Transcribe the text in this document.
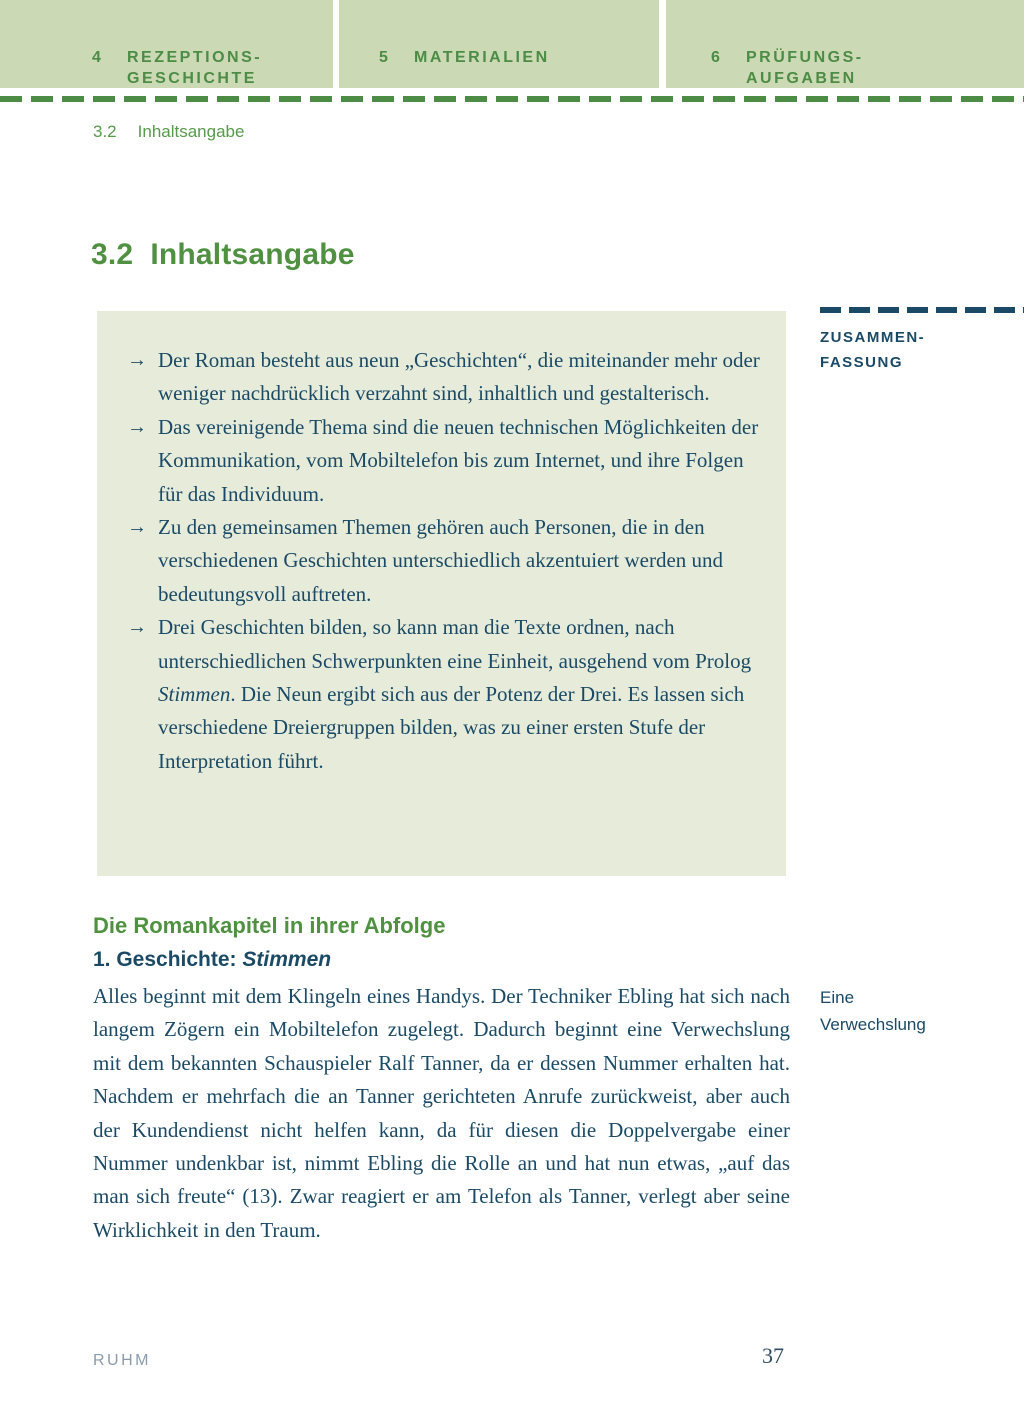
4	REZEPTIONS-
GESCHICHTE
5	MATERIALIEN	6	PRÜFUNGS-
AUFGABEN
3.2 Inhaltsangabe
3.2 Inhaltsangabe
→ Der Roman besteht aus neun „Geschichten“, die miteinander mehr oder weniger nachdrücklich verzahnt sind, inhaltlich und gestalterisch.

→ Das vereinigende Thema sind die neuen technischen Möglichkeiten der Kommunikation, vom Mobiltelefon bis zum Internet, und ihre Folgen für das Individuum.

→ Zu den gemeinsamen Themen gehören auch Personen, die in den verschiedenen Geschichten unterschiedlich akzentuiert werden und bedeutungsvoll auftreten.

→ Drei Geschichten bilden, so kann man die Texte ordnen, nach unterschiedlichen Schwerpunkten eine Einheit, ausgehend vom Prolog Stimmen. Die Neun ergibt sich aus der Potenz der Drei. Es lassen sich verschiedene Dreiergruppen bilden, was zu einer ersten Stufe der Interpretation führt.

ZUSAMMEN-
FASSUNG
Die Romankapitel in ihrer Abfolge
1. Geschichte: Stimmen

Alles beginnt mit dem Klingeln eines Handys. Der Techniker Ebling hat sich nach langem Zögern ein Mobiltelefon zugelegt. Dadurch beginnt eine Verwechslung mit dem bekannten Schauspieler Ralf Tanner, da er dessen Nummer erhalten hat. Nachdem er mehrfach die an Tanner gerichteten Anrufe zurückweist, aber auch der Kundendienst nicht helfen kann, da für diesen die Doppelvergabe einer Nummer undenkbar ist, nimmt Ebling die Rolle an und hat nun etwas, „auf das man sich freute“ (13). Zwar reagiert er am Telefon als Tanner, verlegt aber seine Wirklichkeit in den Traum.

Eine
Verwechslung
RUHM	37
